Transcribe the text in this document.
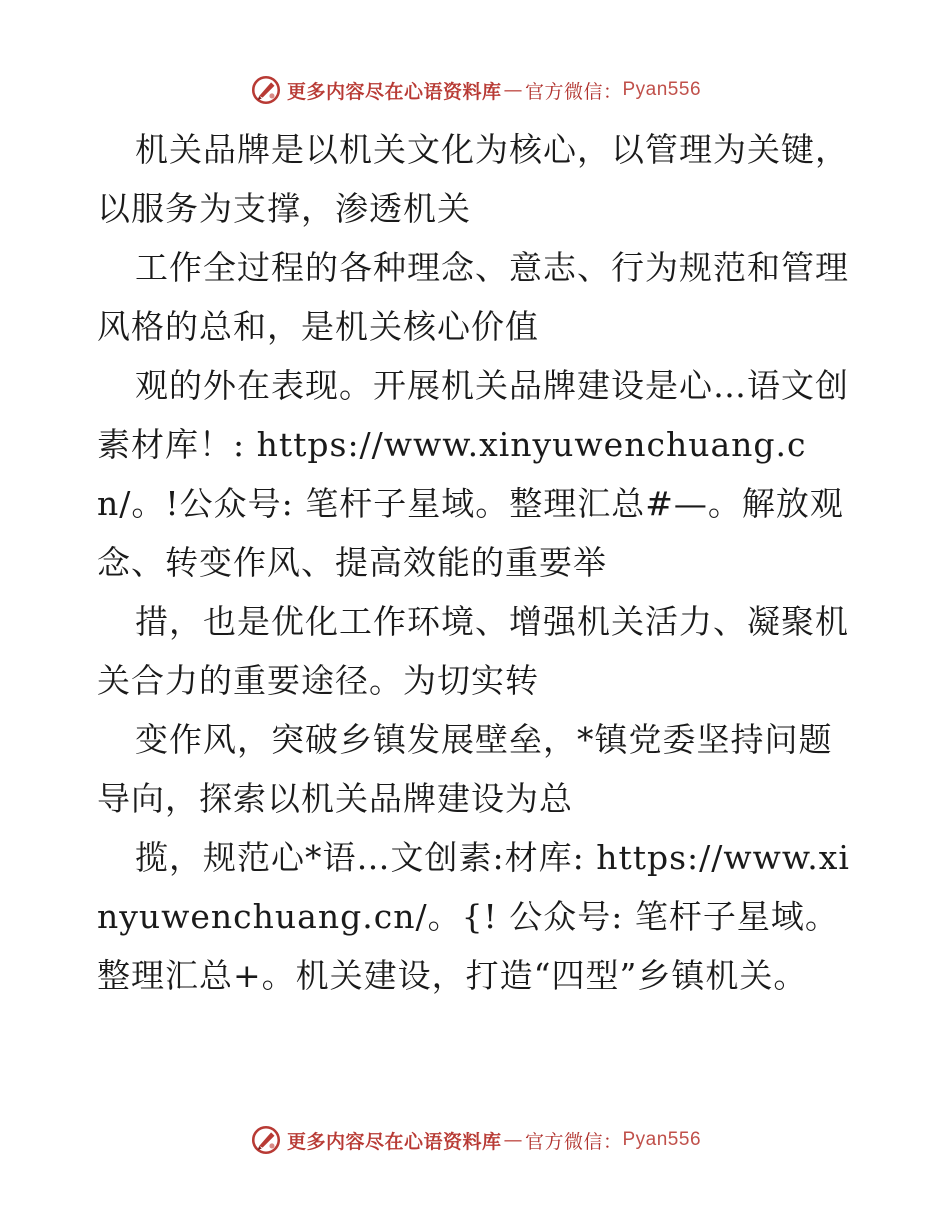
更多内容尽在心语资料库 — 官方微信： Pyan556

机关品牌是以机关文化为核心，以管理为关键，以服务为支撑，渗透机关

工作全过程的各种理念、意志、行为规范和管理风格的总和，是机关核心价值

观的外在表现。开展机关品牌建设是心…语文创素材库！: https://www.xinyuwenchuang.cn/。!公众号: 笔杆子星域。整理汇总#—。解放观念、转变作风、提高效能的重要举

措，也是优化工作环境、增强机关活力、凝聚机关合力的重要途径。为切实转

变作风，突破乡镇发展壁垒，*镇党委坚持问题导向，探索以机关品牌建设为总

揽，规范心*语…文创素:材库: https://www.xinyuwenchuang.cn/。{! 公众号: 笔杆子星域。整理汇总+。机关建设，打造“四型”乡镇机关。

更多内容尽在心语资料库 — 官方微信： Pyan556
